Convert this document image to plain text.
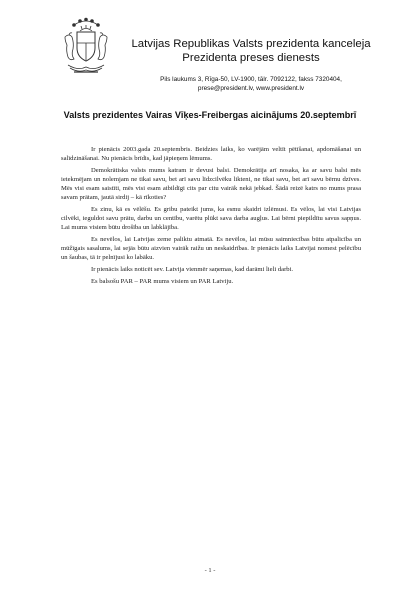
Latvijas Republikas Valsts prezidenta kanceleja
Prezidenta preses dienests
Pils laukums 3, Rīga-50, LV-1900, tālr. 7092122, fakss 7320404,
prese@president.lv, www.president.lv
Valsts prezidentes Vairas Vīķes-Freibergas aicinājums 20.septembrī

Ir pienācis 2003.gada 20.septembris. Beidzies laiks, ko varējām veltīt pētīšanai, apdomāšanai un salīdzināšanai. Nu pienācis brīdis, kad jāpieņem lēmums.

Demokrātiska valsts mums katram ir devusi balsi. Demokrātija arī nosaka, ka ar savu balsi mēs ietekmējam un nolemjam ne tikai savu, bet arī savu līdzcilvēku likteni, ne tikai savu, bet arī savu bērnu dzīves. Mēs visi esam saistīti, mēs visi esam atbildīgi cits par citu vairāk nekā jebkad. Šādā reizē katrs no mums prasa savam prātam, jautā sirdij – kā rīkoties?

Es zinu, kā es vēlēšu. Es gribu pateikt jums, ka esmu skaidri izlēmusi. Es vēlos, lai visi Latvijas cilvēki, ieguldot savu prātu, darbu un centību, varētu plūkt sava darba augļus. Lai bērni piepildītu savus sapņus. Lai mums visiem būtu drošība un labklājība.

Es nevēlos, lai Latvijas zeme paliktu atmatā. Es nevēlos, lai mūsu saimniecības būtu atpalicība un mūžīgais sasalums, lai sejās būtu aizvien vairāk raižu un neskaidrības. Ir pienācis laiks Latvijai nomest pelēcību un šaubas, tā ir pelnījusi ko labāku.

Ir pienācis laiks noticēt sev. Latvija vienmēr saņemas, kad darāmi lieli darbi.

Es balsošu PAR – PAR mums visiem un PAR Latviju.

- 1 -
